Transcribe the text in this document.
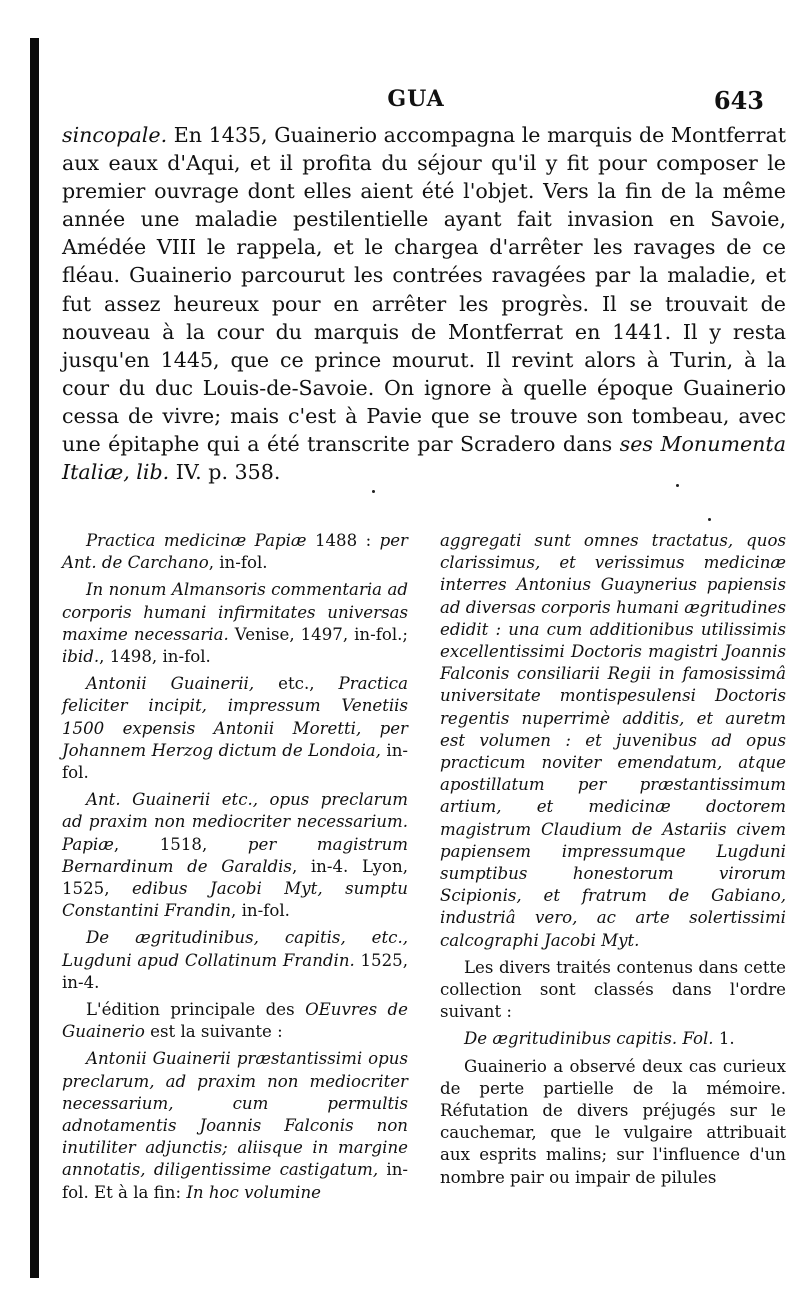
GUA	643
sincopale. En 1435, Guainerio accompagna le marquis de Montferrat aux eaux d'Aqui, et il profita du séjour qu'il y fit pour composer le premier ouvrage dont elles aient été l'objet. Vers la fin de la même année une maladie pestilentielle ayant fait invasion en Savoie, Amédée VIII le rappela, et le chargea d'arrêter les ravages de ce fléau. Guainerio parcourut les contrées ravagées par la maladie, et fut assez heureux pour en arrêter les progrès. Il se trouvait de nouveau à la cour du marquis de Montferrat en 1441. Il y resta jusqu'en 1445, que ce prince mourut. Il revint alors à Turin, à la cour du duc Louis-de-Savoie. On ignore à quelle époque Guainerio cessa de vivre; mais c'est à Pavie que se trouve son tombeau, avec une épitaphe qui a été transcrite par Scradero dans ses Monumenta Italiæ, lib. IV. p. 358.

Practica medicinæ Papiæ 1488 : per Ant. de Carchano, in-fol.

In nonum Almansoris commentaria ad corporis humani infirmitates universas maxime necessaria. Venise, 1497, in-fol.; ibid., 1498, in-fol.

Antonii Guainerii, etc., Practica feliciter incipit, impressum Venetiis 1500 expensis Antonii Moretti, per Johannem Herzog dictum de Londoia, in-fol.

Ant. Guainerii etc., opus preclarum ad praxim non mediocriter necessarium. Papiæ, 1518, per magistrum Bernardinum de Garaldis, in-4. Lyon, 1525, edibus Jacobi Myt, sumptu Constantini Frandin, in-fol.

De ægritudinibus, capitis, etc., Lugduni apud Collatinum Frandin. 1525, in-4.

L'édition principale des OEuvres de Guainerio est la suivante :

Antonii Guainerii præstantissimi opus preclarum, ad praxim non mediocriter necessarium, cum permultis adnotamentis Joannis Falconis non inutiliter adjunctis; aliisque in margine annotatis, diligentissime castigatum, in-fol. Et à la fin: In hoc volumine

aggregati sunt omnes tractatus, quos clarissimus, et verissimus medicinæ interres Antonius Guaynerius papiensis ad diversas corporis humani ægritudines edidit : una cum additionibus utilissimis excellentissimi Doctoris magistri Joannis Falconis consiliarii Regii in famosissimâ universitate montispesulensi Doctoris regentis nuperrimè additis, et auretm est volumen : et juvenibus ad opus practicum noviter emendatum, atque apostillatum per præstantissimum artium, et medicinæ doctorem magistrum Claudium de Astariis civem papiensem impressumque Lugduni sumptibus honestorum virorum Scipionis, et fratrum de Gabiano, industriâ vero, ac arte solertissimi calcographi Jacobi Myt.

Les divers traités contenus dans cette collection sont classés dans l'ordre suivant :

De ægritudinibus capitis. Fol. 1.

Guainerio a observé deux cas curieux de perte partielle de la mémoire. Réfutation de divers préjugés sur le cauchemar, que le vulgaire attribuait aux esprits malins; sur l'influence d'un nombre pair ou impair de pilules
